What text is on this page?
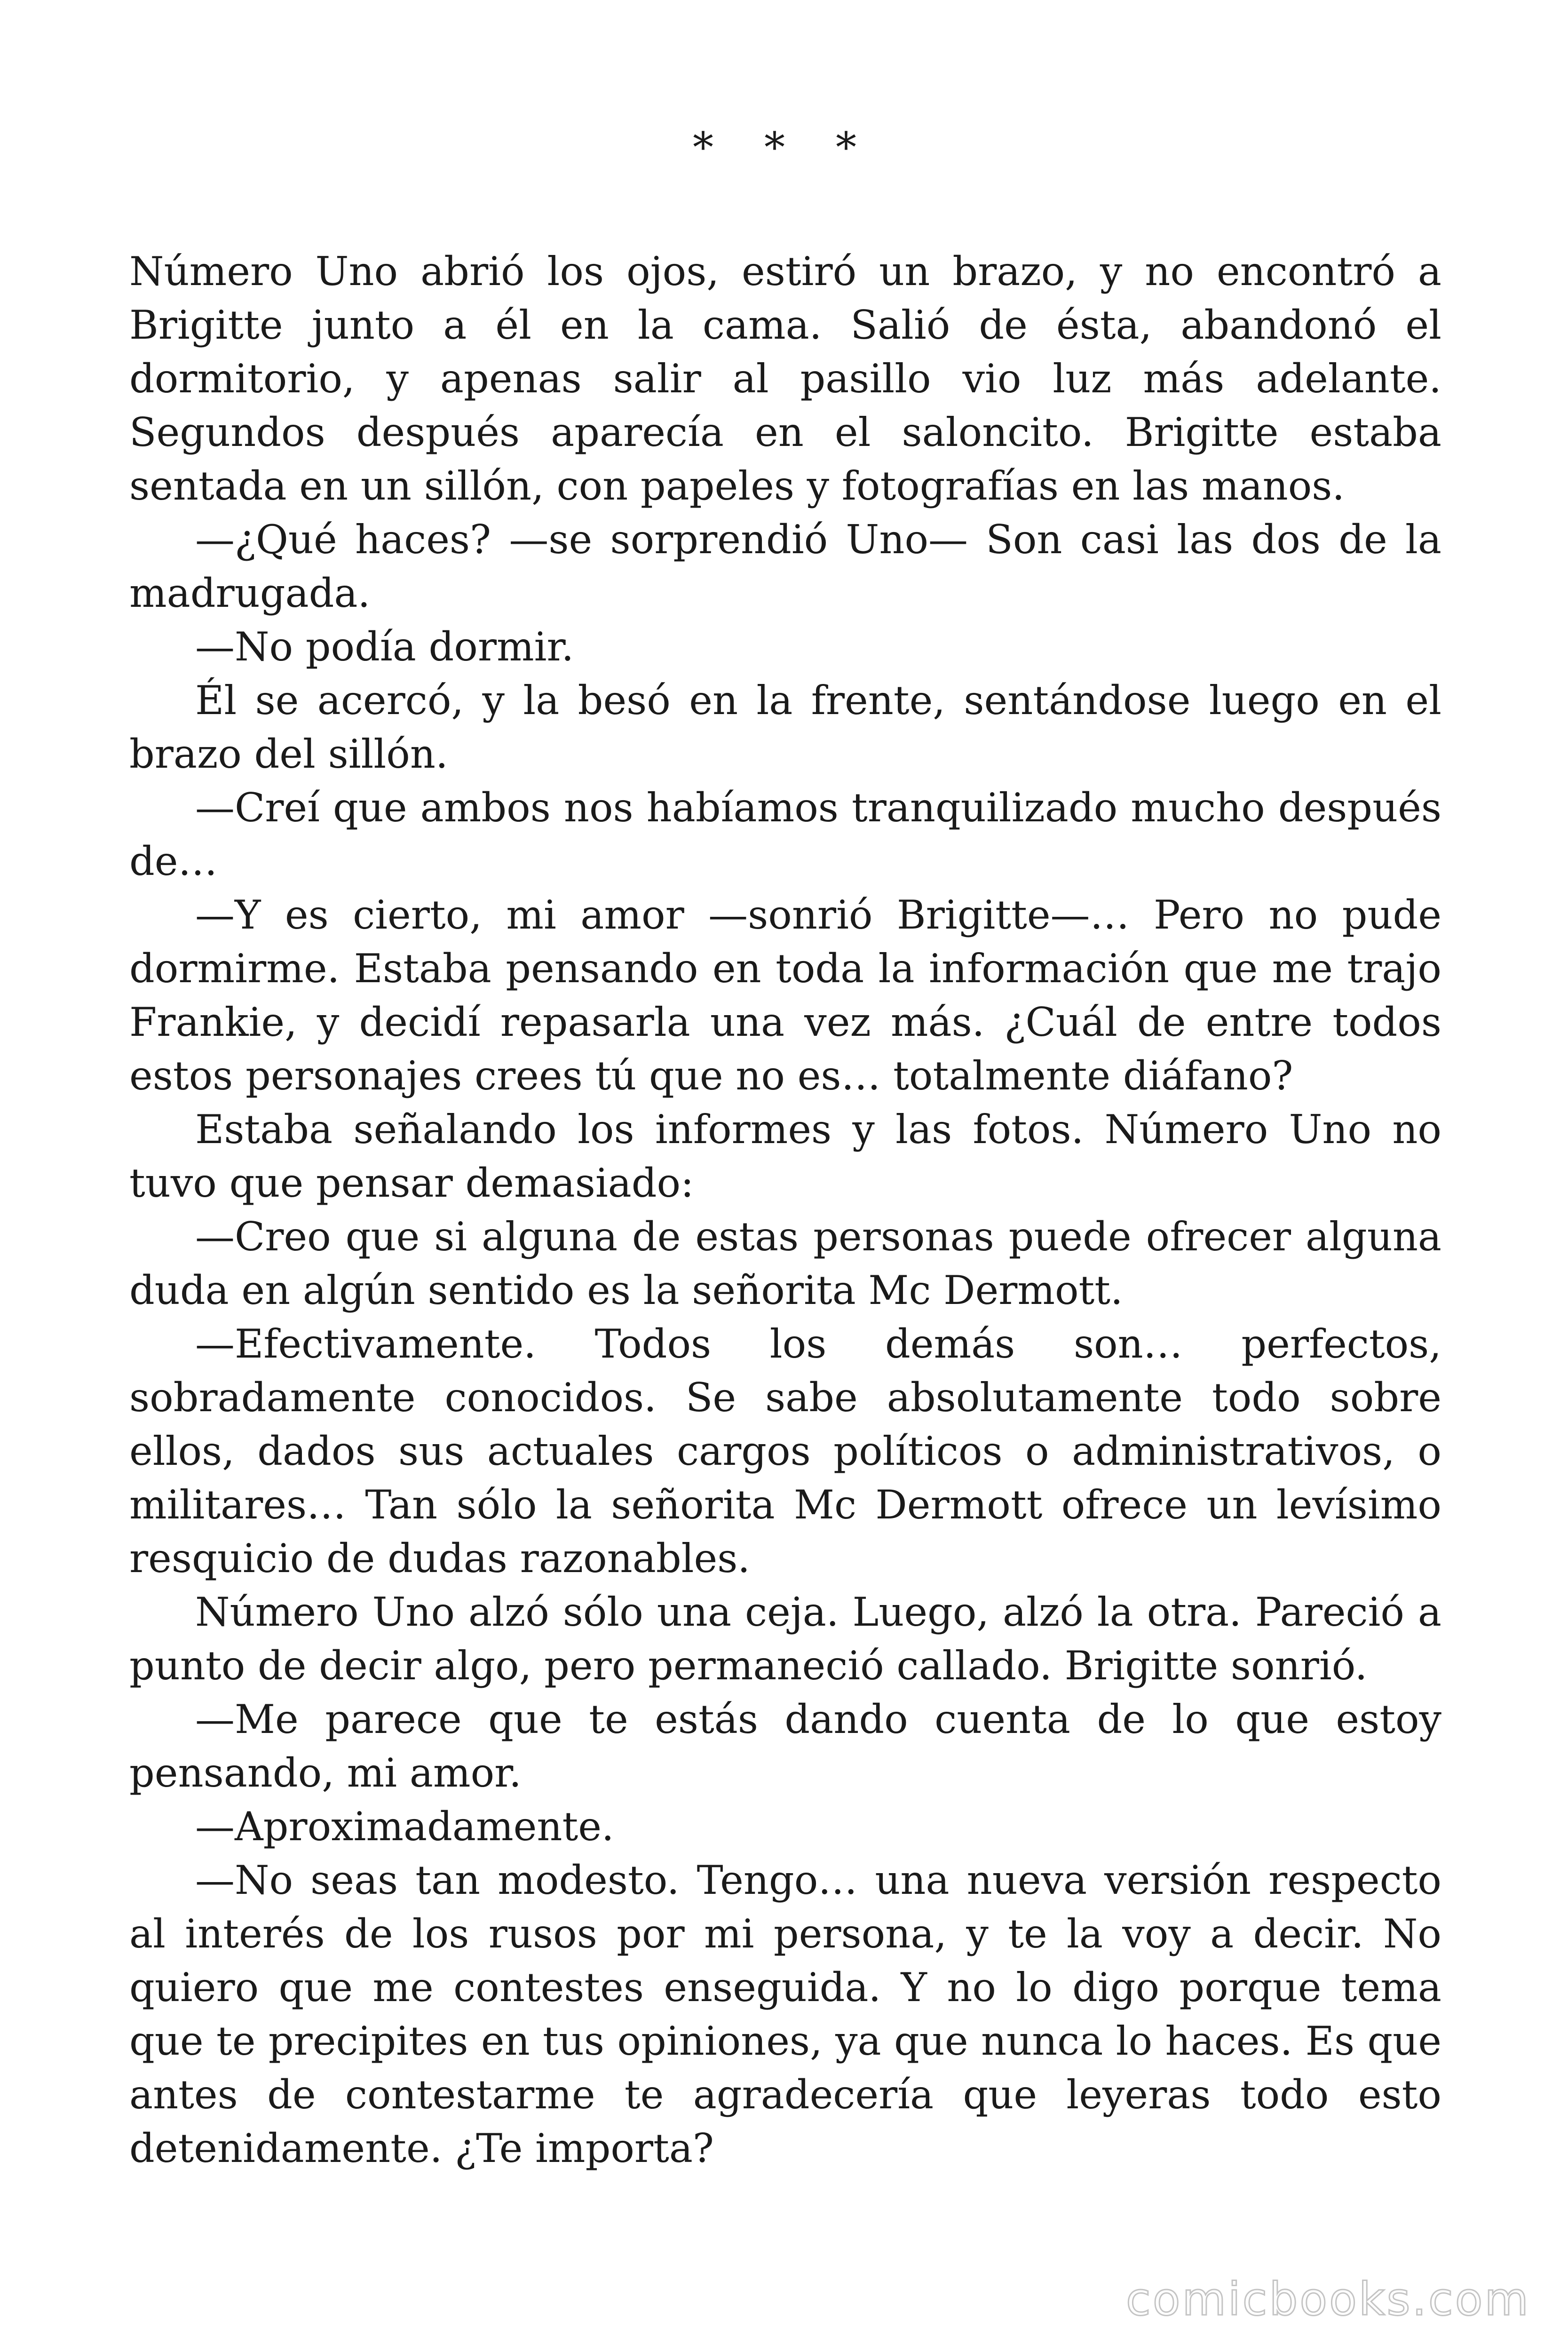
* * *

Número Uno abrió los ojos, estiró un brazo, y no encontró a Brigitte junto a él en la cama. Salió de ésta, abandonó el dormitorio, y apenas salir al pasillo vio luz más adelante. Segundos después aparecía en el saloncito. Brigitte estaba sentada en un sillón, con papeles y fotografías en las manos.

—¿Qué haces? —se sorprendió Uno— Son casi las dos de la madrugada.

—No podía dormir.

Él se acercó, y la besó en la frente, sentándose luego en el brazo del sillón.

—Creí que ambos nos habíamos tranquilizado mucho después de…

—Y es cierto, mi amor —sonrió Brigitte—… Pero no pude dormirme. Estaba pensando en toda la información que me trajo Frankie, y decidí repasarla una vez más. ¿Cuál de entre todos estos personajes crees tú que no es… totalmente diáfano?

Estaba señalando los informes y las fotos. Número Uno no tuvo que pensar demasiado:

—Creo que si alguna de estas personas puede ofrecer alguna duda en algún sentido es la señorita Mc Dermott.

—Efectivamente. Todos los demás son… perfectos, sobradamente conocidos. Se sabe absolutamente todo sobre ellos, dados sus actuales cargos políticos o administrativos, o militares… Tan sólo la señorita Mc Dermott ofrece un levísimo resquicio de dudas razonables.

Número Uno alzó sólo una ceja. Luego, alzó la otra. Pareció a punto de decir algo, pero permaneció callado. Brigitte sonrió.

—Me parece que te estás dando cuenta de lo que estoy pensando, mi amor.

—Aproximadamente.

—No seas tan modesto. Tengo… una nueva versión respecto al interés de los rusos por mi persona, y te la voy a decir. No quiero que me contestes enseguida. Y no lo digo porque tema que te precipites en tus opiniones, ya que nunca lo haces. Es que antes de contestarme te agradecería que leyeras todo esto detenidamente. ¿Te importa?

comicbooks.com
